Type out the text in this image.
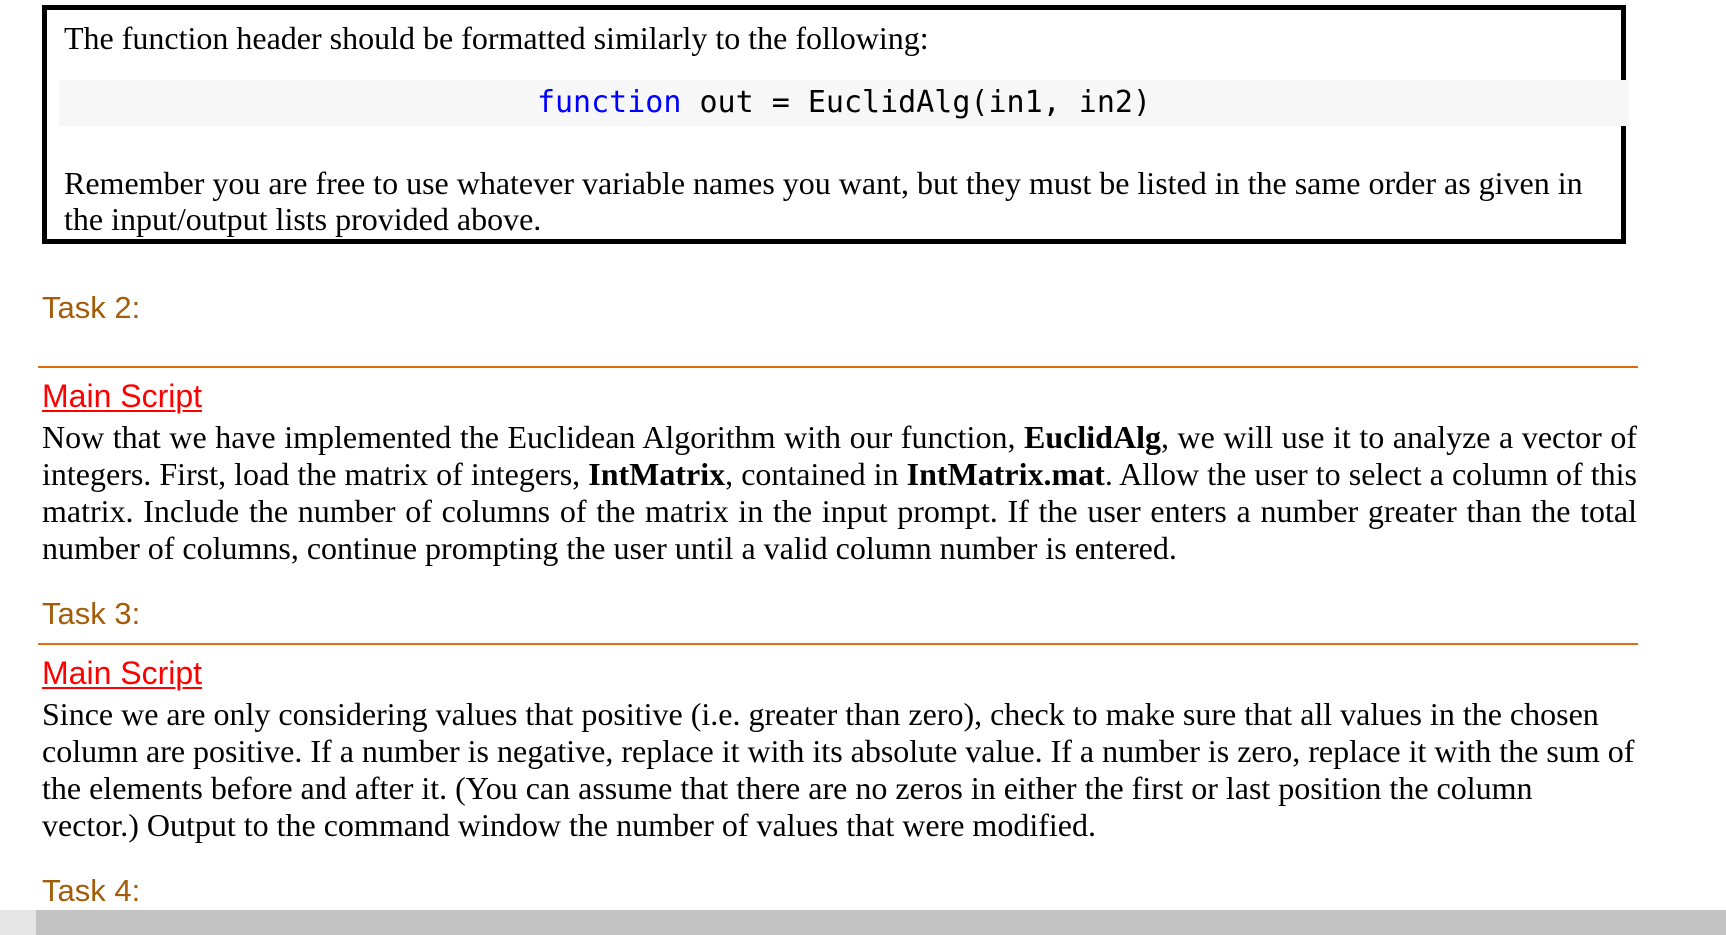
The function header should be formatted similarly to the following:
function out = EuclidAlg(in1, in2)
Remember you are free to use whatever variable names you want, but they must be listed in the same order as given in the input/output lists provided above.
Task 2:
Main Script
Now that we have implemented the Euclidean Algorithm with our function, EuclidAlg, we will use it to analyze a vector of integers. First, load the matrix of integers, IntMatrix, contained in IntMatrix.mat. Allow the user to select a column of this matrix. Include the number of columns of the matrix in the input prompt. If the user enters a number greater than the total number of columns, continue prompting the user until a valid column number is entered.
Task 3:
Main Script
Since we are only considering values that positive (i.e. greater than zero), check to make sure that all values in the chosen column are positive. If a number is negative, replace it with its absolute value. If a number is zero, replace it with the sum of the elements before and after it. (You can assume that there are no zeros in either the first or last position the column vector.) Output to the command window the number of values that were modified.
Task 4:
